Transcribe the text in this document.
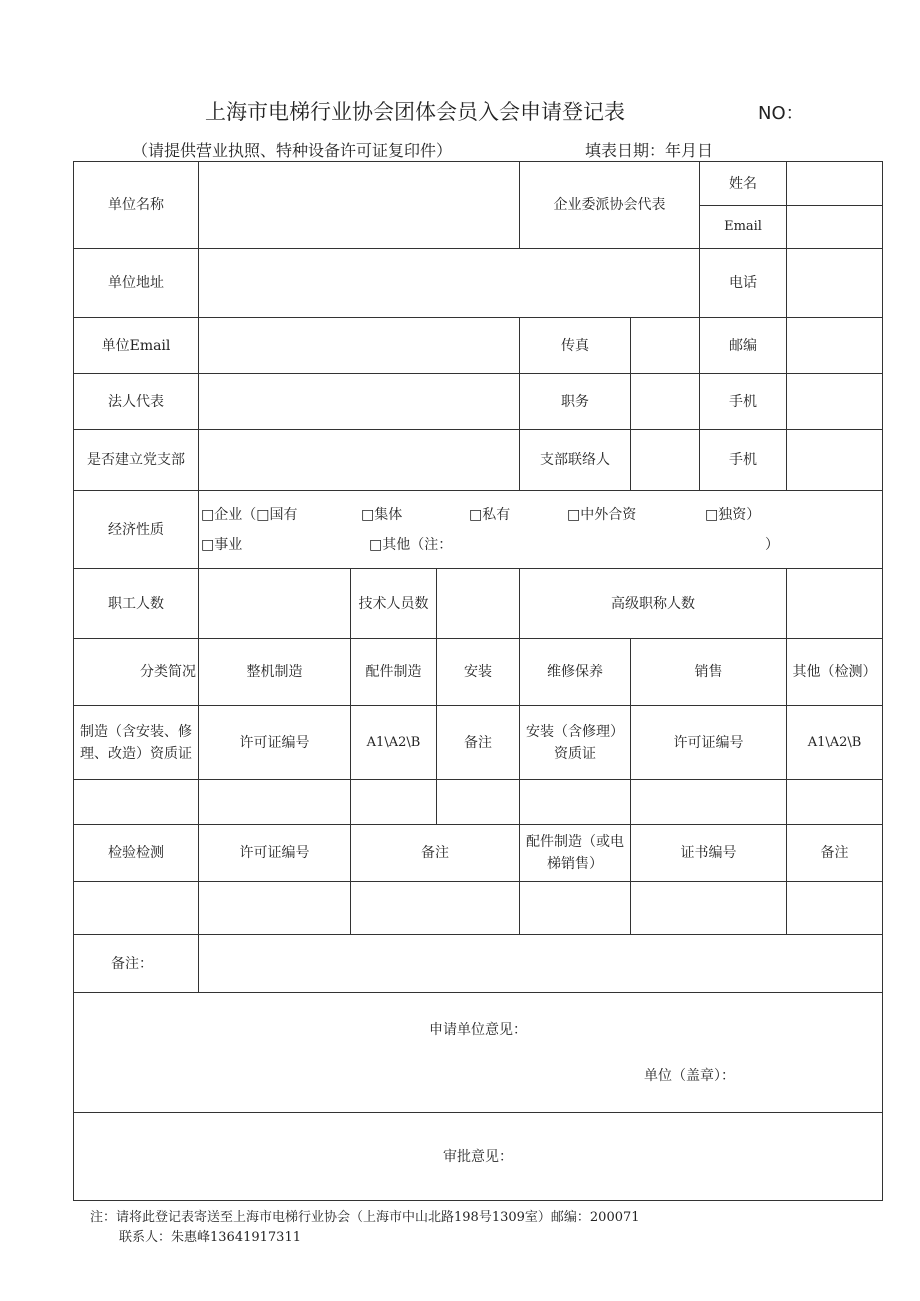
上海市电梯行业协会团体会员入会申请登记表	NO：
（请提供营业执照、特种设备许可证复印件）	填表日期：年月日
单位名称				企业委派协会代表		姓名	
						Email	
单位地址						电话	
单位Email				传真		邮编	
法人代表				职务		手机	
是否建立党支部				支部联络人		手机	
经济性质	□企业（□国有 □集体 □私有 □中外合资 □独资）
□事业 □其他（注： ）						

职工人数		技术人员数		高级职称人数			
分类简况	整机制造	配件制造	安装	维修保养	销售		其他（检测）
制造（含安装、修理、改造）资质证	许可证编号	A1\A2\B	备注	安装（含修理）资质证	许可证编号		A1\A2\B

检验检测	许可证编号	备注		配件制造（或电梯销售）	证书编号		备注

备注：							

申请单位意见：
单位（盖章）：							

审批意见：							
注：请将此登记表寄送至上海市电梯行业协会（上海市中山北路198号1309室）邮编：200071
联系人：朱惠峰13641917311
